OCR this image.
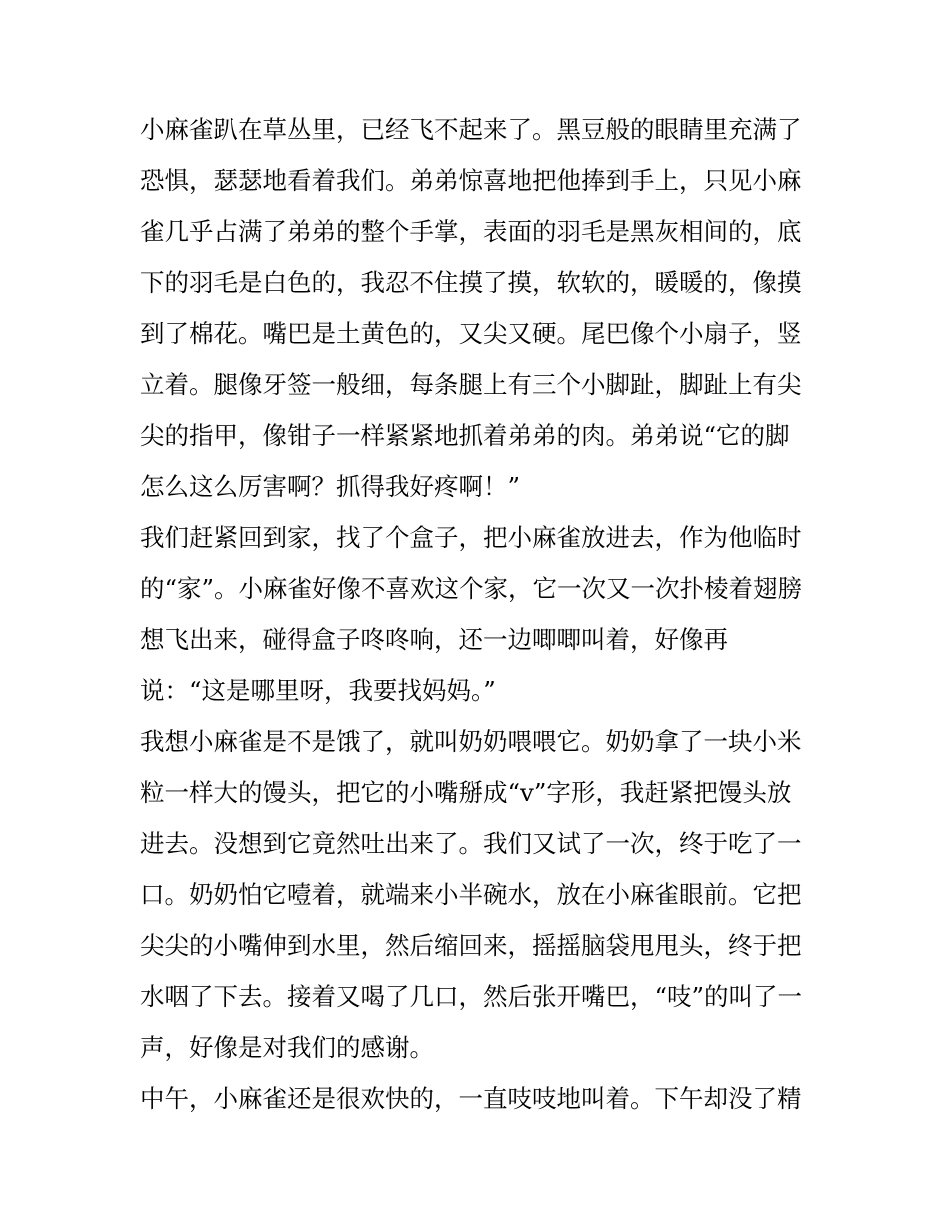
小麻雀趴在草丛里，已经飞不起来了。黑豆般的眼睛里充满了
恐惧，瑟瑟地看着我们。弟弟惊喜地把他捧到手上，只见小麻
雀几乎占满了弟弟的整个手掌，表面的羽毛是黑灰相间的，底
下的羽毛是白色的，我忍不住摸了摸，软软的，暖暖的，像摸
到了棉花。嘴巴是土黄色的，又尖又硬。尾巴像个小扇子，竖
立着。腿像牙签一般细，每条腿上有三个小脚趾，脚趾上有尖
尖的指甲，像钳子一样紧紧地抓着弟弟的肉。弟弟说“它的脚
怎么这么厉害啊？抓得我好疼啊！”
我们赶紧回到家，找了个盒子，把小麻雀放进去，作为他临时
的“家”。小麻雀好像不喜欢这个家，它一次又一次扑棱着翅膀
想飞出来，碰得盒子咚咚响，还一边唧唧叫着，好像再
说：“这是哪里呀，我要找妈妈。”
我想小麻雀是不是饿了，就叫奶奶喂喂它。奶奶拿了一块小米
粒一样大的馒头，把它的小嘴掰成“v”字形，我赶紧把馒头放
进去。没想到它竟然吐出来了。我们又试了一次，终于吃了一
口。奶奶怕它噎着，就端来小半碗水，放在小麻雀眼前。它把
尖尖的小嘴伸到水里，然后缩回来，摇摇脑袋甩甩头，终于把
水咽了下去。接着又喝了几口，然后张开嘴巴，“吱”的叫了一
声，好像是对我们的感谢。
中午，小麻雀还是很欢快的，一直吱吱地叫着。下午却没了精
